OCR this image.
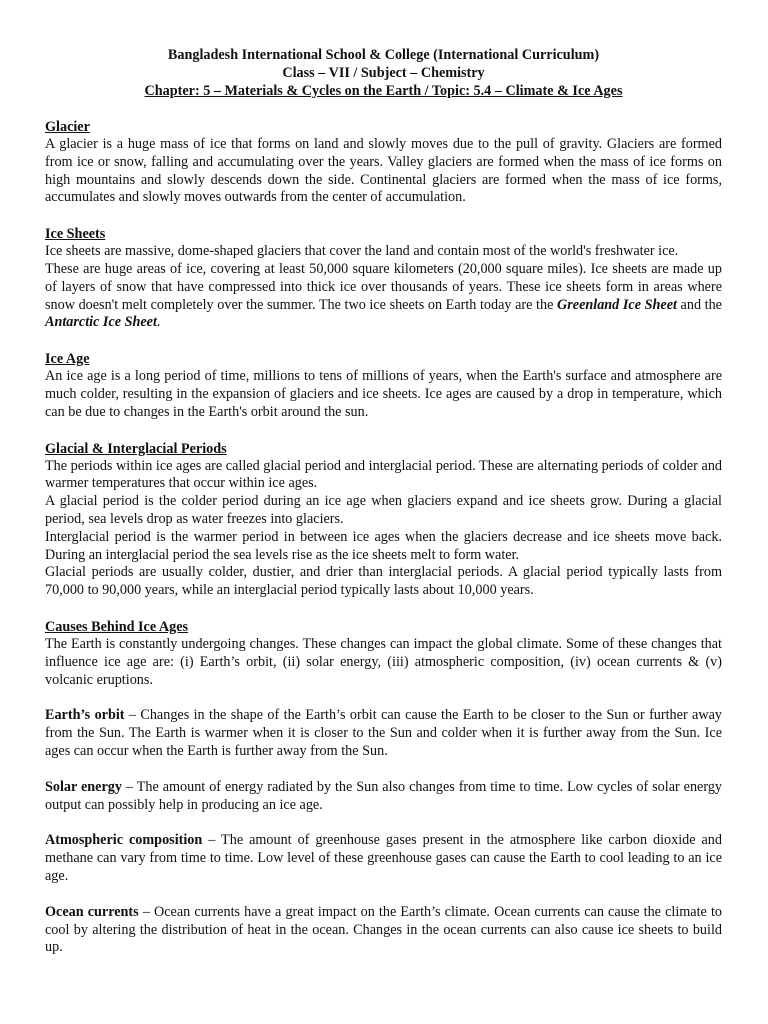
Bangladesh International School & College (International Curriculum)
Class – VII / Subject – Chemistry
Chapter: 5 – Materials & Cycles on the Earth / Topic: 5.4 – Climate & Ice Ages
Glacier

A glacier is a huge mass of ice that forms on land and slowly moves due to the pull of gravity. Glaciers are formed from ice or snow, falling and accumulating over the years. Valley glaciers are formed when the mass of ice forms on high mountains and slowly descends down the side. Continental glaciers are formed when the mass of ice forms, accumulates and slowly moves outwards from the center of accumulation.

Ice Sheets

Ice sheets are massive, dome-shaped glaciers that cover the land and contain most of the world's freshwater ice.

These are huge areas of ice, covering at least 50,000 square kilometers (20,000 square miles). Ice sheets are made up of layers of snow that have compressed into thick ice over thousands of years. These ice sheets form in areas where snow doesn't melt completely over the summer. The two ice sheets on Earth today are the Greenland Ice Sheet and the Antarctic Ice Sheet.

Ice Age

An ice age is a long period of time, millions to tens of millions of years, when the Earth's surface and atmosphere are much colder, resulting in the expansion of glaciers and ice sheets. Ice ages are caused by a drop in temperature, which can be due to changes in the Earth's orbit around the sun.

Glacial & Interglacial Periods

The periods within ice ages are called glacial period and interglacial period. These are alternating periods of colder and warmer temperatures that occur within ice ages.

A glacial period is the colder period during an ice age when glaciers expand and ice sheets grow. During a glacial period, sea levels drop as water freezes into glaciers.

Interglacial period is the warmer period in between ice ages when the glaciers decrease and ice sheets move back. During an interglacial period the sea levels rise as the ice sheets melt to form water.

Glacial periods are usually colder, dustier, and drier than interglacial periods. A glacial period typically lasts from 70,000 to 90,000 years, while an interglacial period typically lasts about 10,000 years.

Causes Behind Ice Ages

The Earth is constantly undergoing changes. These changes can impact the global climate. Some of these changes that influence ice age are: (i) Earth’s orbit, (ii) solar energy, (iii) atmospheric composition, (iv) ocean currents & (v) volcanic eruptions.

Earth’s orbit – Changes in the shape of the Earth’s orbit can cause the Earth to be closer to the Sun or further away from the Sun. The Earth is warmer when it is closer to the Sun and colder when it is further away from the Sun. Ice ages can occur when the Earth is further away from the Sun.

Solar energy – The amount of energy radiated by the Sun also changes from time to time. Low cycles of solar energy output can possibly help in producing an ice age.

Atmospheric composition – The amount of greenhouse gases present in the atmosphere like carbon dioxide and methane can vary from time to time. Low level of these greenhouse gases can cause the Earth to cool leading to an ice age.

Ocean currents – Ocean currents have a great impact on the Earth’s climate. Ocean currents can cause the climate to cool by altering the distribution of heat in the ocean. Changes in the ocean currents can also cause ice sheets to build up.
